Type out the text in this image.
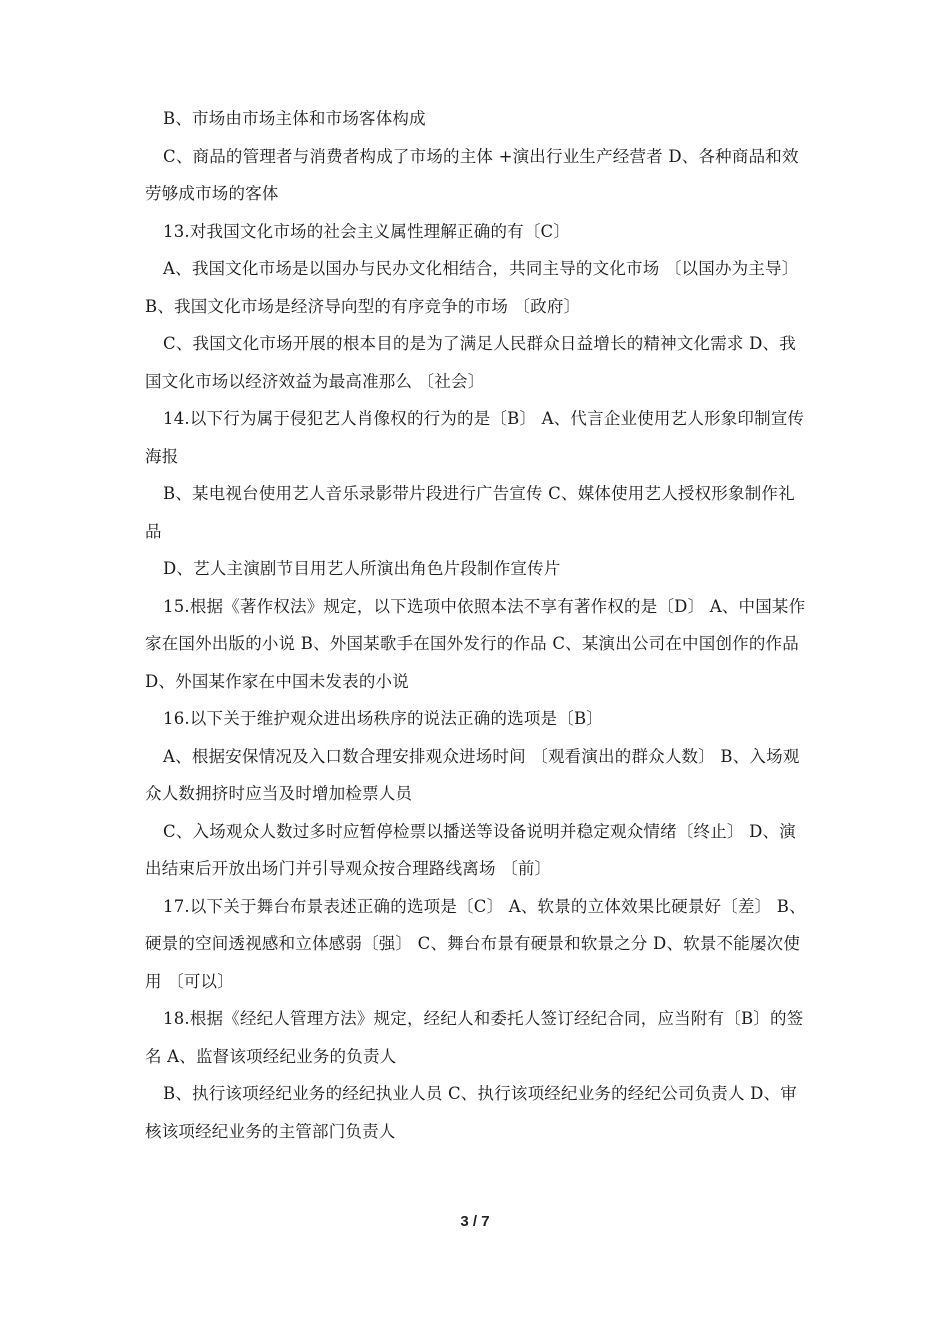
B、市场由市场主体和市场客体构成

C、商品的管理者与消费者构成了市场的主体 +演出行业生产经营者 D、各种商品和效劳够成市场的客体

13.对我国文化市场的社会主义属性理解正确的有〔C〕

A、我国文化市场是以国办与民办文化相结合，共同主导的文化市场 〔以国办为主导〕 B、我国文化市场是经济导向型的有序竞争的市场 〔政府〕

C、我国文化市场开展的根本目的是为了满足人民群众日益增长的精神文化需求 D、我国文化市场以经济效益为最高准那么 〔社会〕

14.以下行为属于侵犯艺人肖像权的行为的是〔B〕 A、代言企业使用艺人形象印制宣传海报

B、某电视台使用艺人音乐录影带片段进行广告宣传 C、媒体使用艺人授权形象制作礼品

D、艺人主演剧节目用艺人所演出角色片段制作宣传片

15.根据《著作权法》规定，以下选项中依照本法不享有著作权的是〔D〕 A、中国某作家在国外出版的小说 B、外国某歌手在国外发行的作品 C、某演出公司在中国创作的作品 D、外国某作家在中国未发表的小说

16.以下关于维护观众进出场秩序的说法正确的选项是〔B〕

A、根据安保情况及入口数合理安排观众进场时间 〔观看演出的群众人数〕 B、入场观众人数拥挤时应当及时增加检票人员

C、入场观众人数过多时应暂停检票以播送等设备说明并稳定观众情绪〔终止〕 D、演出结束后开放出场门并引导观众按合理路线离场 〔前〕

17.以下关于舞台布景表述正确的选项是〔C〕 A、软景的立体效果比硬景好〔差〕 B、硬景的空间透视感和立体感弱〔强〕 C、舞台布景有硬景和软景之分 D、软景不能屡次使用 〔可以〕

18.根据《经纪人管理方法》规定，经纪人和委托人签订经纪合同，应当附有〔B〕的签名 A、监督该项经纪业务的负责人

B、执行该项经纪业务的经纪执业人员 C、执行该项经纪业务的经纪公司负责人 D、审核该项经纪业务的主管部门负责人

3 / 7
